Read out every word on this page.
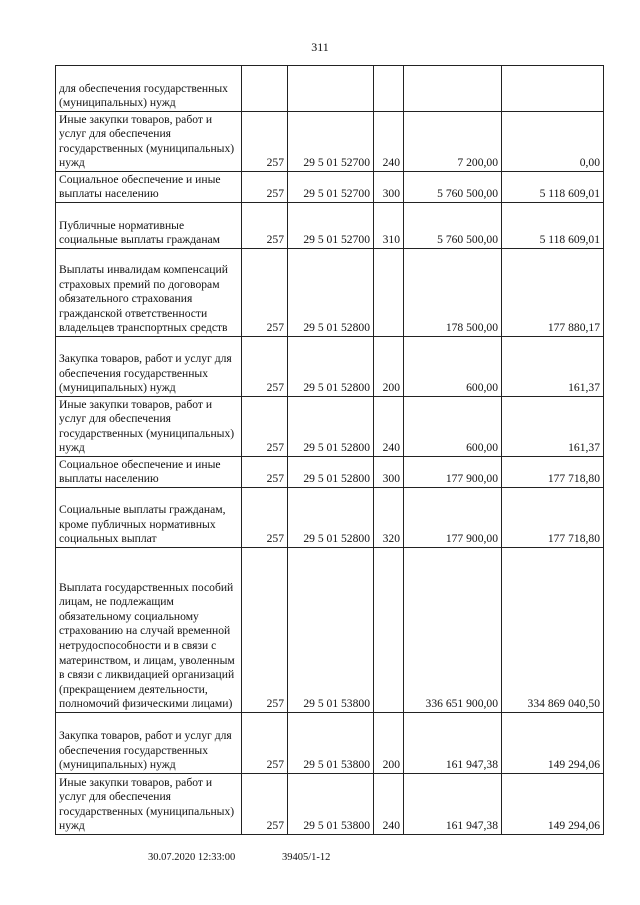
311
для обеспечения государственных (муниципальных) нужд					
Иные закупки товаров, работ и услуг для обеспечения государственных (муниципальных) нужд	257	29 5 01 52700	240	7 200,00	0,00
Социальное обеспечение и иные выплаты населению	257	29 5 01 52700	300	5 760 500,00	5 118 609,01
Публичные нормативные социальные выплаты гражданам	257	29 5 01 52700	310	5 760 500,00	5 118 609,01
Выплаты инвалидам компенсаций страховых премий по договорам обязательного страхования гражданской ответственности владельцев транспортных средств	257	29 5 01 52800		178 500,00	177 880,17
Закупка товаров, работ и услуг для обеспечения государственных (муниципальных) нужд	257	29 5 01 52800	200	600,00	161,37
Иные закупки товаров, работ и услуг для обеспечения государственных (муниципальных) нужд	257	29 5 01 52800	240	600,00	161,37
Социальное обеспечение и иные выплаты населению	257	29 5 01 52800	300	177 900,00	177 718,80
Социальные выплаты гражданам, кроме публичных нормативных социальных выплат	257	29 5 01 52800	320	177 900,00	177 718,80
Выплата государственных пособий лицам, не подлежащим обязательному социальному страхованию на случай временной нетрудоспособности и в связи с материнством, и лицам, уволенным в связи с ликвидацией организаций (прекращением деятельности, полномочий физическими лицами)	257	29 5 01 53800		336 651 900,00	334 869 040,50
Закупка товаров, работ и услуг для обеспечения государственных (муниципальных) нужд	257	29 5 01 53800	200	161 947,38	149 294,06
Иные закупки товаров, работ и услуг для обеспечения государственных (муниципальных) нужд	257	29 5 01 53800	240	161 947,38	149 294,06
30.07.2020 12:33:00	39405/1-12
